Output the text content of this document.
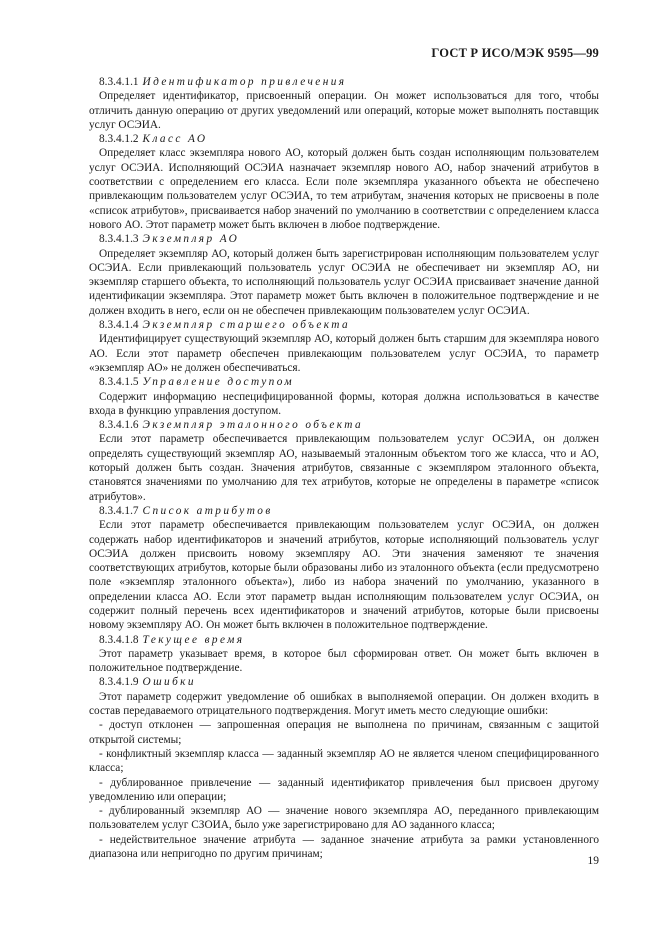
ГОСТ Р ИСО/МЭК 9595—99

8.3.4.1.1 Идентификатор привлечения

Определяет идентификатор, присвоенный операции. Он может использоваться для того, чтобы отличить данную операцию от других уведомлений или операций, которые может выполнять поставщик услуг ОСЭИА.

8.3.4.1.2 Класс АО

Определяет класс экземпляра нового АО, который должен быть создан исполняющим пользователем услуг ОСЭИА. Исполняющий ОСЭИА назначает экземпляр нового АО, набор значений атрибутов в соответствии с определением его класса. Если поле экземпляра указанного объекта не обеспечено привлекающим пользователем услуг ОСЭИА, то тем атрибутам, значения которых не присвоены в поле «список атрибутов», присваивается набор значений по умолчанию в соответствии с определением класса нового АО. Этот параметр может быть включен в любое подтверждение.

8.3.4.1.3 Экземпляр АО

Определяет экземпляр АО, который должен быть зарегистрирован исполняющим пользователем услуг ОСЭИА. Если привлекающий пользователь услуг ОСЭИА не обеспечивает ни экземпляр АО, ни экземпляр старшего объекта, то исполняющий пользователь услуг ОСЭИА присваивает значение данной идентификации экземпляра. Этот параметр может быть включен в положительное подтверждение и не должен входить в него, если он не обеспечен привлекающим пользователем услуг ОСЭИА.

8.3.4.1.4 Экземпляр старшего объекта

Идентифицирует существующий экземпляр АО, который должен быть старшим для экземпляра нового АО. Если этот параметр обеспечен привлекающим пользователем услуг ОСЭИА, то параметр «экземпляр АО» не должен обеспечиваться.

8.3.4.1.5 Управление доступом

Содержит информацию неспецифицированной формы, которая должна использоваться в качестве входа в функцию управления доступом.

8.3.4.1.6 Экземпляр эталонного объекта

Если этот параметр обеспечивается привлекающим пользователем услуг ОСЭИА, он должен определять существующий экземпляр АО, называемый эталонным объектом того же класса, что и АО, который должен быть создан. Значения атрибутов, связанные с экземпляром эталонного объекта, становятся значениями по умолчанию для тех атрибутов, которые не определены в параметре «список атрибутов».

8.3.4.1.7 Список атрибутов

Если этот параметр обеспечивается привлекающим пользователем услуг ОСЭИА, он должен содержать набор идентификаторов и значений атрибутов, которые исполняющий пользователь услуг ОСЭИА должен присвоить новому экземпляру АО. Эти значения заменяют те значения соответствующих атрибутов, которые были образованы либо из эталонного объекта (если предусмотрено поле «экземпляр эталонного объекта»), либо из набора значений по умолчанию, указанного в определении класса АО. Если этот параметр выдан исполняющим пользователем услуг ОСЭИА, он содержит полный перечень всех идентификаторов и значений атрибутов, которые были присвоены новому экземпляру АО. Он может быть включен в положительное подтверждение.

8.3.4.1.8 Текущее время

Этот параметр указывает время, в которое был сформирован ответ. Он может быть включен в положительное подтверждение.

8.3.4.1.9 Ошибки

Этот параметр содержит уведомление об ошибках в выполняемой операции. Он должен входить в состав передаваемого отрицательного подтверждения. Могут иметь место следующие ошибки:

- доступ отклонен — запрошенная операция не выполнена по причинам, связанным с защитой открытой системы;

- конфликтный экземпляр класса — заданный экземпляр АО не является членом специфицированного класса;

- дублированное привлечение — заданный идентификатор привлечения был присвоен другому уведомлению или операции;

- дублированный экземпляр АО — значение нового экземпляра АО, переданного привлекающим пользователем услуг СЗОИА, было уже зарегистрировано для АО заданного класса;

- недействительное значение атрибута — заданное значение атрибута за рамки установленного диапазона или непригодно по другим причинам;

19
